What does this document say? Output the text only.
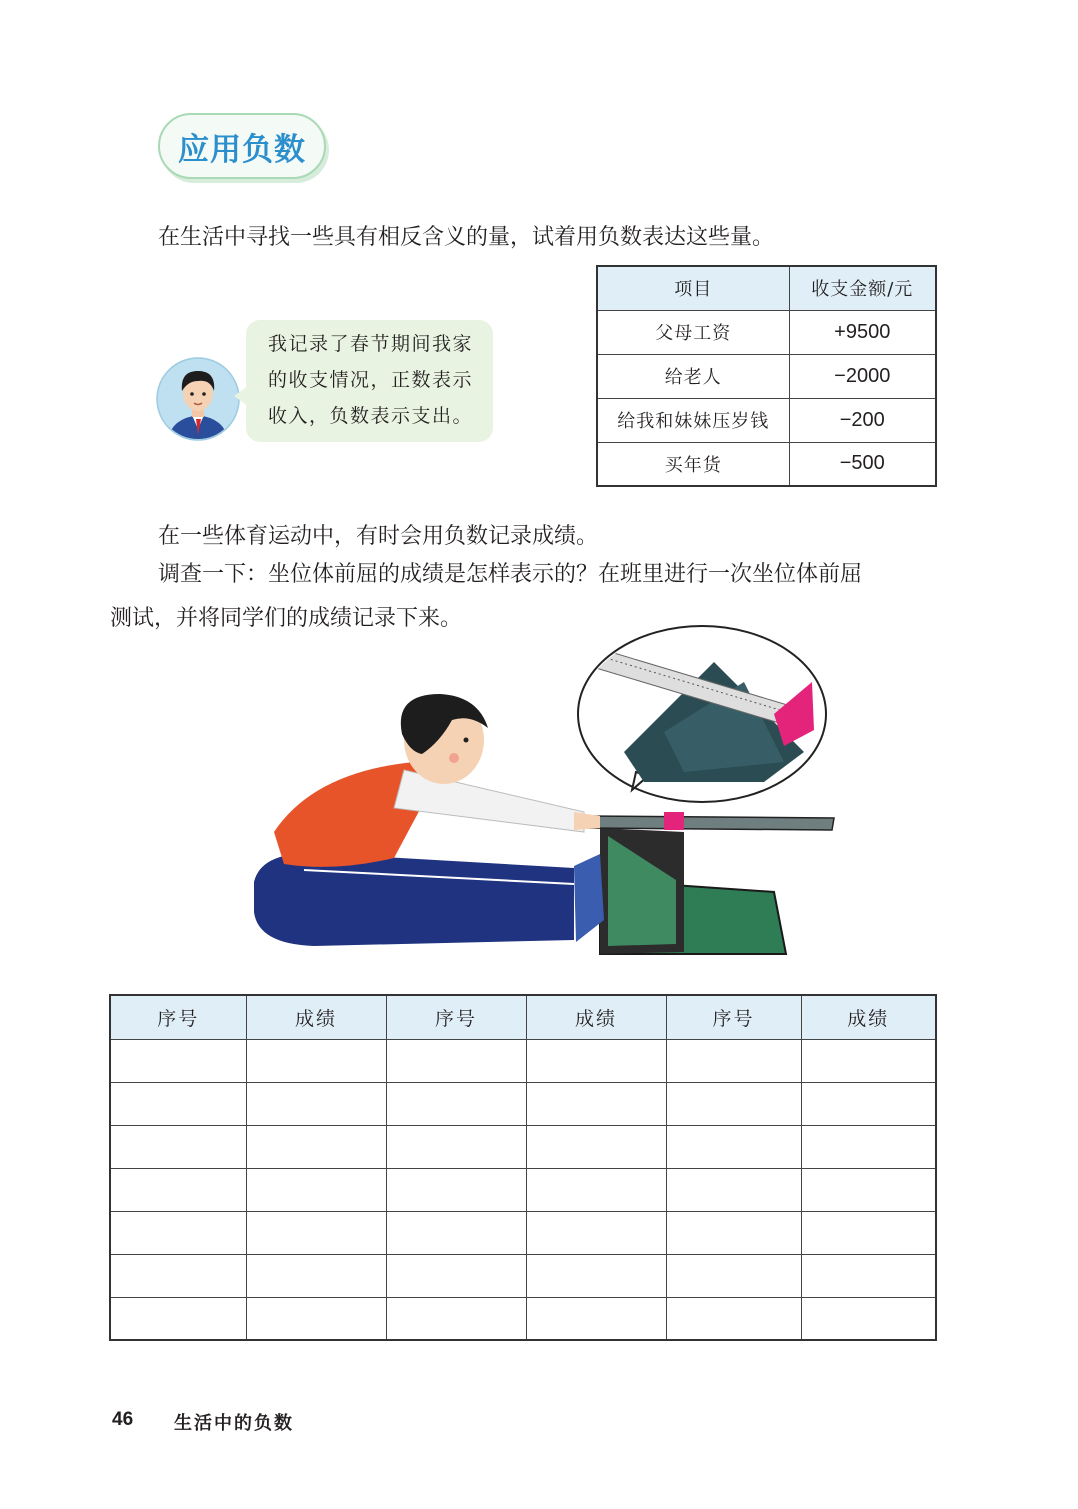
应用负数
在生活中寻找一些具有相反含义的量，试着用负数表达这些量。
我记录了春节期间我家
的收支情况，正数表示
收入，负数表示支出。
项目	收支金额/元
父母工资	+9500
给老人	−2000
给我和妹妹压岁钱	−200
买年货	−500
在一些体育运动中，有时会用负数记录成绩。
调查一下：坐位体前屈的成绩是怎样表示的？在班里进行一次坐位体前屈
测试，并将同学们的成绩记录下来。
序号	成绩	序号	成绩	序号	成绩

46 生活中的负数
